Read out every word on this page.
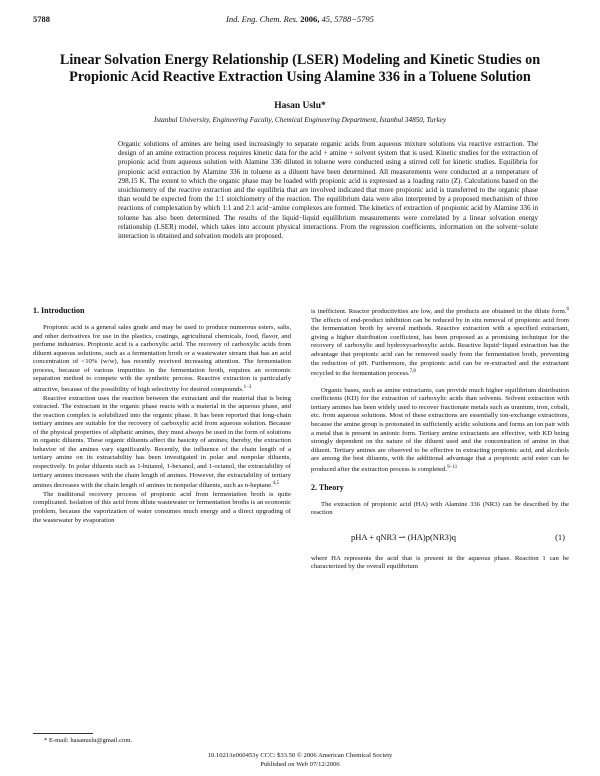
5788	Ind. Eng. Chem. Res. 2006, 45, 5788−5795
Linear Solvation Energy Relationship (LSER) Modeling and Kinetic Studies on Propionic Acid Reactive Extraction Using Alamine 336 in a Toluene Solution
Hasan Uslu*
İstanbul University, Engineering Faculty, Chemical Engineering Department, İstanbul 34850, Turkey

Organic solutions of amines are being used increasingly to separate organic acids from aqueous mixture solutions via reactive extraction. The design of an amine extraction process requires kinetic data for the acid + amine + solvent system that is used. Kinetic studies for the extraction of propionic acid from aqueous solution with Alamine 336 diluted in toluene were conducted using a stirred cell for kinetic studies. Equilibria for propionic acid extraction by Alamine 336 in toluene as a diluent have been determined. All measurements were conducted at a temperature of 298.15 K. The extent to which the organic phase may be loaded with propionic acid is expressed as a loading ratio (Z). Calculations based on the stoichiometry of the reactive extraction and the equilibria that are involved indicated that more propionic acid is transferred to the organic phase than would be expected from the 1:1 stoichiometry of the reaction. The equilibrium data were also interpreted by a proposed mechanism of three reactions of complexation by which 1:1 and 2:1 acid−amine complexes are formed. The kinetics of extraction of propionic acid by Alamine 336 in toluene has also been determined. The results of the liquid−liquid equilibrium measurements were correlated by a linear solvation energy relationship (LSER) model, which takes into account physical interactions. From the regression coefficients, information on the solvent−solute interaction is obtained and solvation models are proposed.

1. Introduction

Propionic acid is a general sales grade and may be used to produce numerous esters, salts, and other derivatives for use in the plastics, coatings, agricultural chemicals, food, flavor, and perfume industries. Propionic acid is a carboxylic acid. The recovery of carboxylic acids from diluent aqueous solutions, such as a fermentation broth or a wastewater stream that has an acid concentration of <10% (w/w), has recently received increasing attention. The fermentation process, because of various impurities in the fermentation broth, requires an economic separation method to compete with the synthetic process. Reactive extraction is particularly attractive, because of the possibility of high selectivity for desired compounds.$^{1-3}$

Reactive extraction uses the reaction between the extractant and the material that is being extracted. The extractant in the organic phase reacts with a material in the aqueous phase, and the reaction complex is solubilized into the organic phase. It has been reported that long-chain tertiary amines are suitable for the recovery of carboxylic acid from aqueous solution. Because of the physical properties of aliphatic amines, they must always be used in the form of solutions in organic diluents. These organic diluents affect the basicity of amines; thereby, the extraction behavior of the amines vary significantly. Recently, the influence of the chain length of a tertiary amine on its extractability has been investigated in polar and nonpolar diluents, respectively. In polar diluents such as 1-butanol, 1-hexanol, and 1-octanol, the extractability of tertiary amines increases with the chain length of amines. However, the extractability of tertiary amines decreases with the chain length of amines in nonpolar diluents, such as n-heptane.$^{4,5}$

The traditional recovery process of propionic acid from fermentation broth is quite complicated. Isolation of this acid from dilute wastewater or fermentation broths is an economic problem, because the vaporization of water consumes much energy and a direct upgrading of the wastewater by evaporation

is inefficient. Reactor productivities are low, and the products are obtained in the dilute form.$^6$ The effects of end-product inhibition can be reduced by in situ removal of propionic acid from the fermentation broth by several methods. Reactive extraction with a specified extractant, giving a higher distribution coefficient, has been proposed as a promising technique for the recovery of carboxylic and hydroxycarboxylic acids. Reactive liquid−liquid extraction has the advantage that propionic acid can be removed easily from the fermentation broth, preventing the reduction of pH. Furthermore, the propionic acid can be re-extracted and the extractant recycled to the fermentation process.$^{7,8}$

Organic bases, such as amine extractants, can provide much higher equilibrium distribution coefficients (KD) for the extraction of carboxylic acids than solvents. Solvent extraction with tertiary amines has been widely used to recover fractionate metals such as uranium, iron, cobalt, etc. from aqueous solutions. Most of these extractions are essentially ion-exchange extractions, because the amine group is protonated in sufficiently acidic solutions and forms an ion pair with a metal that is present in anionic form. Tertiary amine extractants are effective, with KD being strongly dependent on the nature of the diluent used and the concentration of amine in that diluent. Tertiary amines are observed to be effective in extracting propionic acid, and alcohols are among the best diluents, with the additional advantage that a propionic acid ester can be produced after the extraction process is completed.$^{9-11}$

2. Theory

The extraction of propionic acid (HA) with Alamine 336 (NR3) can be described by the reaction

pHA + qNR3 ⇀ (HA)p(NR3)q	(1)

where HA represents the acid that is present in the aqueous phase. Reaction 1 can be characterized by the overall equilibrium

* E-mail: hasanuslu@gmail.com.
10.1021/ie060453y CCC: $33.50 © 2006 American Chemical Society
Published on Web 07/12/2006
